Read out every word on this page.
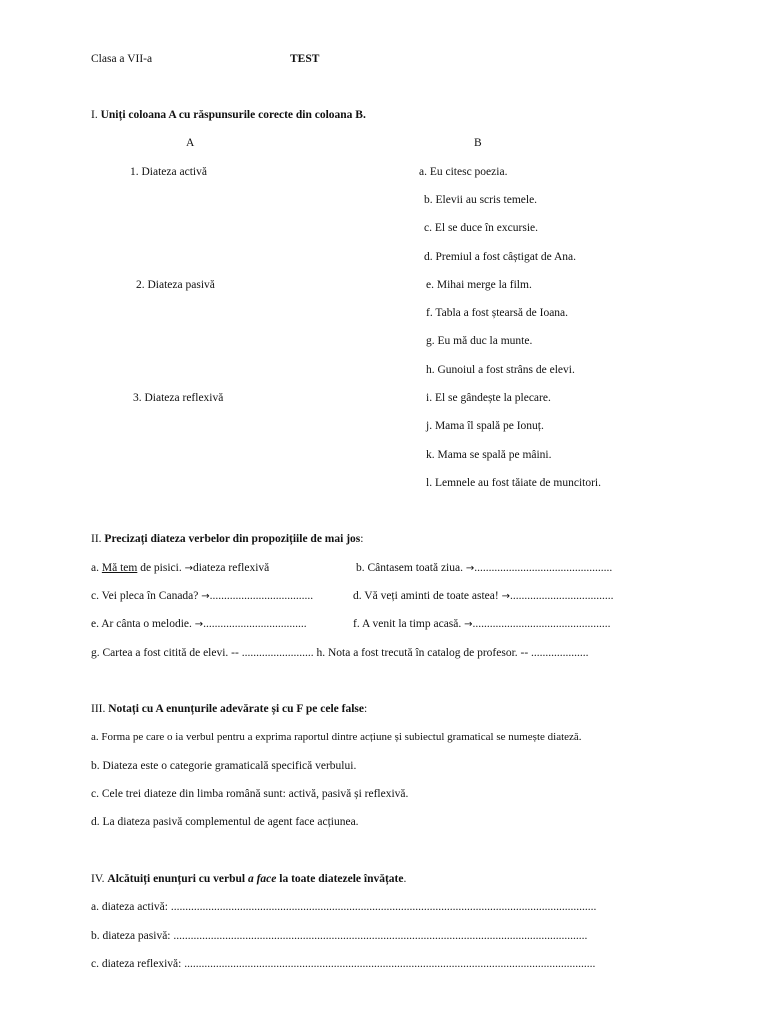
Clasa a VII-a	TEST
I. Uniți coloana A cu răspunsurile corecte din coloana B.
A	B
1. Diateza activă
2. Diateza pasivă
3. Diateza reflexivă
a. Eu citesc poezia.
b. Elevii au scris temele.
c. El se duce în excursie.
d. Premiul a fost câștigat de Ana.
e. Mihai merge la film.
f. Tabla a fost ștearsă de Ioana.
g. Eu mă duc la munte.
h. Gunoiul a fost strâns de elevi.
i. El se gândește la plecare.
j. Mama îl spală pe Ionuț.
k. Mama se spală pe mâini.
l. Lemnele au fost tăiate de muncitori.
II. Precizați diateza verbelor din propozițiile de mai jos:
a. Mă tem de pisici. →diateza reflexivă	b. Cântasem toată ziua. →................................................
c. Vei pleca în Canada? →....................................	d. Vă veți aminti de toate astea! →....................................
e. Ar cânta o melodie. →....................................	f. A venit la timp acasă. →................................................
g. Cartea a fost citită de elevi. -- ......................... h. Nota a fost trecută în catalog de profesor. -- ....................
III. Notați cu A enunțurile adevărate și cu F pe cele false:
a. Forma pe care o ia verbul pentru a exprima raportul dintre acțiune și subiectul gramatical se numește diateză.
b. Diateza este o categorie gramaticală specifică verbului.
c. Cele trei diateze din limba română sunt: activă, pasivă și reflexivă.
d. La diateza pasivă complementul de agent face acțiunea.
IV. Alcătuiți enunțuri cu verbul a face la toate diatezele învățate.
a. diateza activă: ....................................................................................................................................................
b. diateza pasivă: ................................................................................................................................................
c. diateza reflexivă: ...............................................................................................................................................
